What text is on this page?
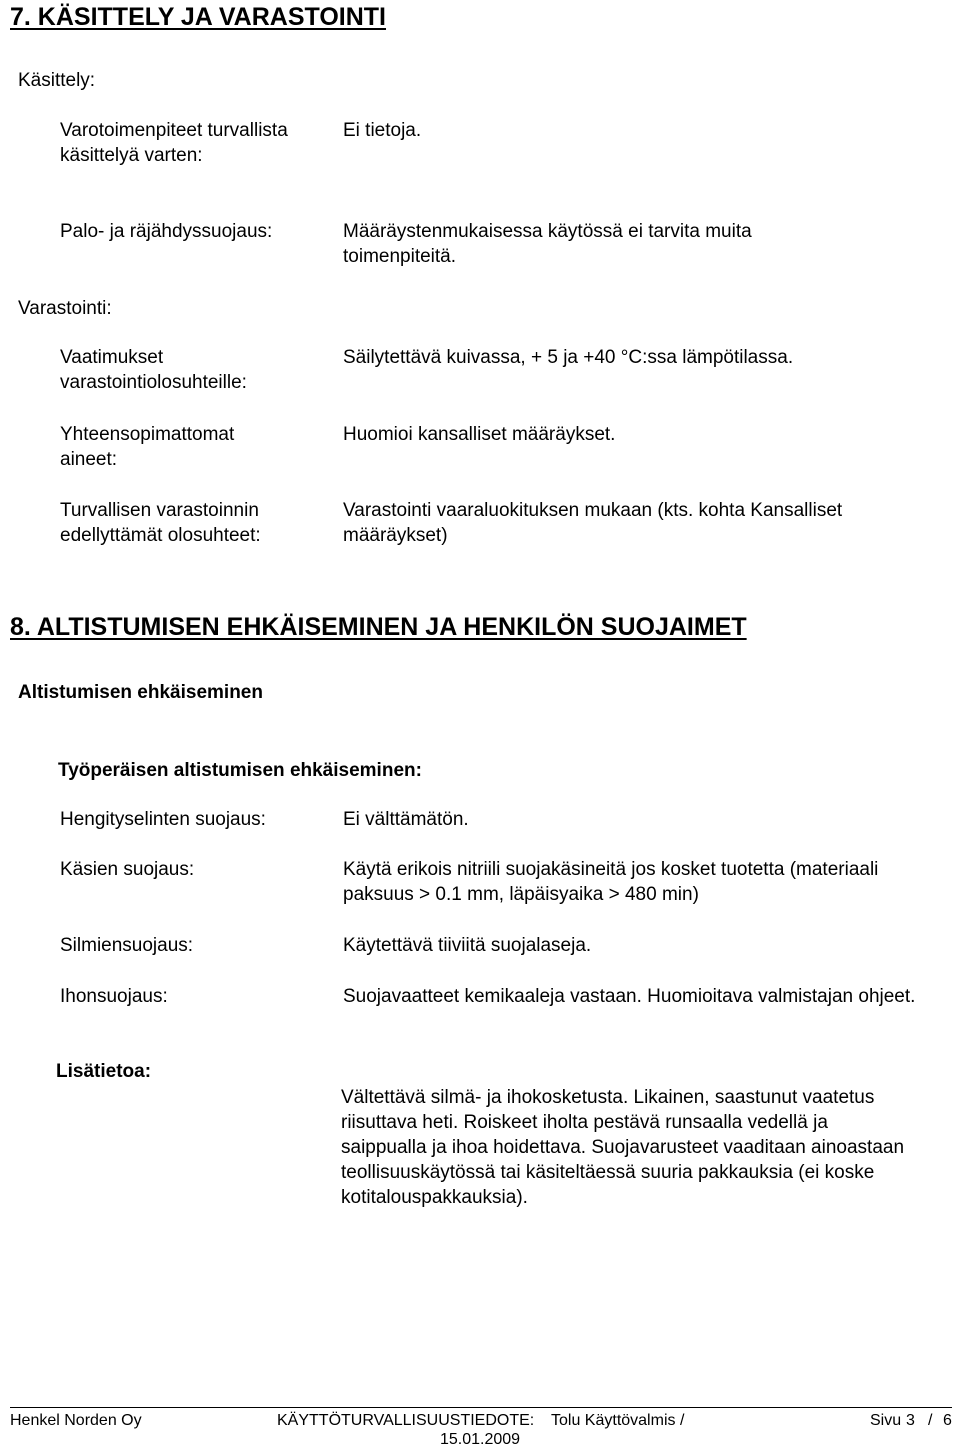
7. KÄSITTELY JA VARASTOINTI
Käsittely:
Varotoimenpiteet turvallista käsittelyä varten:
Ei tietoja.
Palo- ja räjähdyssuojaus:	Määräystenmukaisessa käytössä ei tarvita muita toimenpiteitä.
Varastointi:
Vaatimukset varastointiolosuhteille:
Säilytettävä kuivassa, + 5 ja +40 °C:ssa lämpötilassa.
Yhteensopimattomat aineet:
Huomioi kansalliset määräykset.
Turvallisen varastoinnin edellyttämät olosuhteet:
Varastointi vaaraluokituksen mukaan (kts. kohta Kansalliset määräykset)
8. ALTISTUMISEN EHKÄISEMINEN JA HENKILÖN SUOJAIMET
Altistumisen ehkäiseminen
Työperäisen altistumisen ehkäiseminen:
Hengityselinten suojaus:	Ei välttämätön.
Käsien suojaus:	Käytä erikois nitriili suojakäsineitä jos kosket tuotetta (materiaali paksuus > 0.1 mm, läpäisyaika > 480 min)
Silmiensuojaus:	Käytettävä tiiviitä suojalaseja.
Ihonsuojaus:	Suojavaatteet kemikaaleja vastaan. Huomioitava valmistajan ohjeet.
Lisätietoa:
Vältettävä silmä- ja ihokosketusta. Likainen, saastunut vaatetus riisuttava heti. Roiskeet iholta pestävä runsaalla vedellä ja saippualla ja ihoa hoidettava. Suojavarusteet vaaditaan ainoastaan teollisuuskäytössä tai käsiteltäessä suuria pakkauksia (ei koske kotitalouspakkauksia).
Henkel Norden Oy	KÄYTTÖTURVALLISUUSTIEDOTE: Tolu Käyttövalmis /
15.01.2009
Sivu 3 / 6
